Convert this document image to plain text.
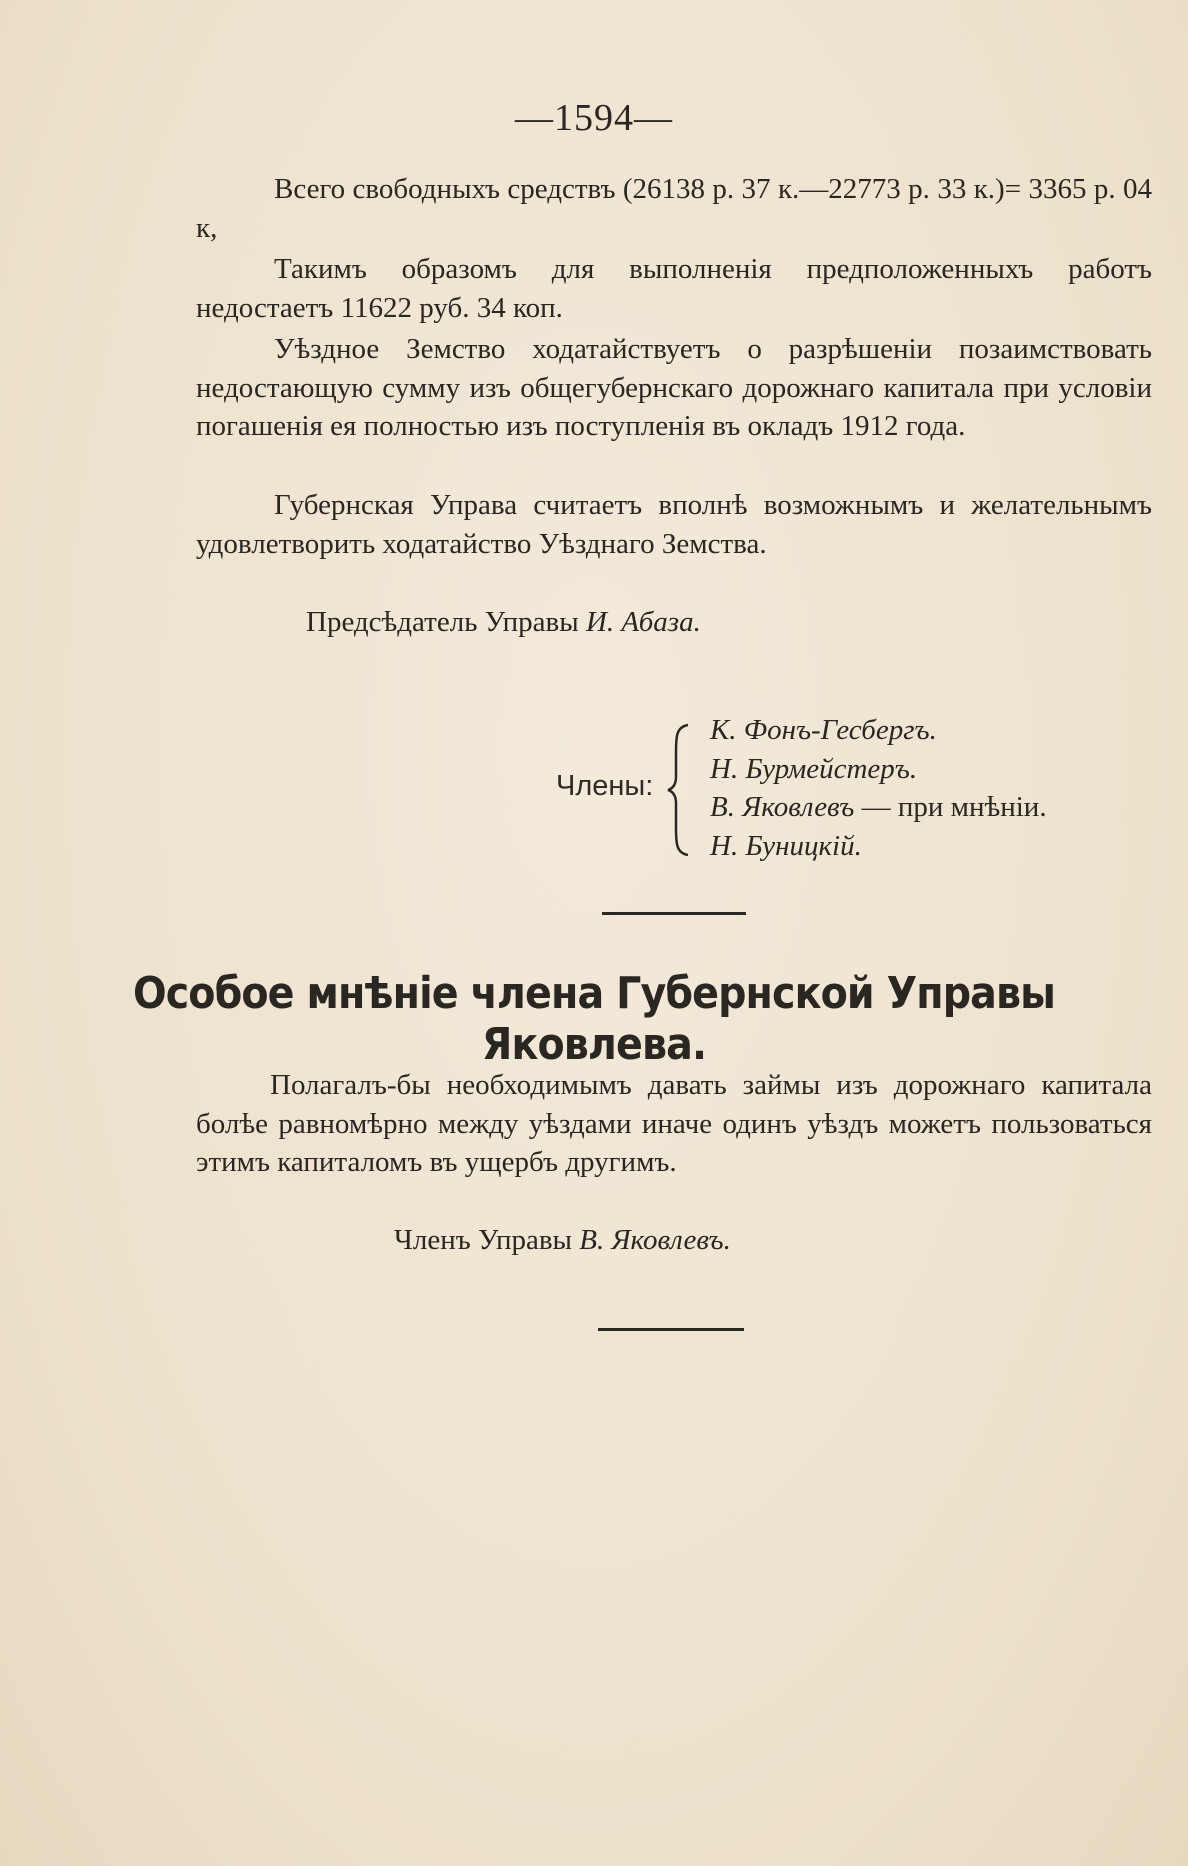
—1594—
Всего свободныхъ средствъ (26138 р. 37 к.—22773 р. 33 к.)= 3365 р. 04 к,
Такимъ образомъ для выполненія предположенныхъ работъ недостаетъ 11622 руб. 34 коп.
Уѣздное Земство ходатайствуетъ о разрѣшеніи позаимствовать недостающую сумму изъ общегубернскаго дорожнаго капитала при условіи погашенія ея полностью изъ поступленія въ окладъ 1912 года.
Губернская Управа считаетъ вполнѣ возможнымъ и желательнымъ удовлетворить ходатайство Уѣзднаго Земства.
Предсѣдатель Управы И. Абаза.
Члены:
К. Фонъ-Гесбергъ.
Н. Бурмейстеръ.
В. Яковлевъ — при мнѣніи.
Н. Буницкій.
Особое мнѣніе члена Губернской Управы Яковлева.
Полагалъ-бы необходимымъ давать займы изъ дорожнаго капитала болѣе равномѣрно между уѣздами иначе одинъ уѣздъ можетъ пользоваться этимъ капиталомъ въ ущербъ другимъ.
Членъ Управы В. Яковлевъ.
